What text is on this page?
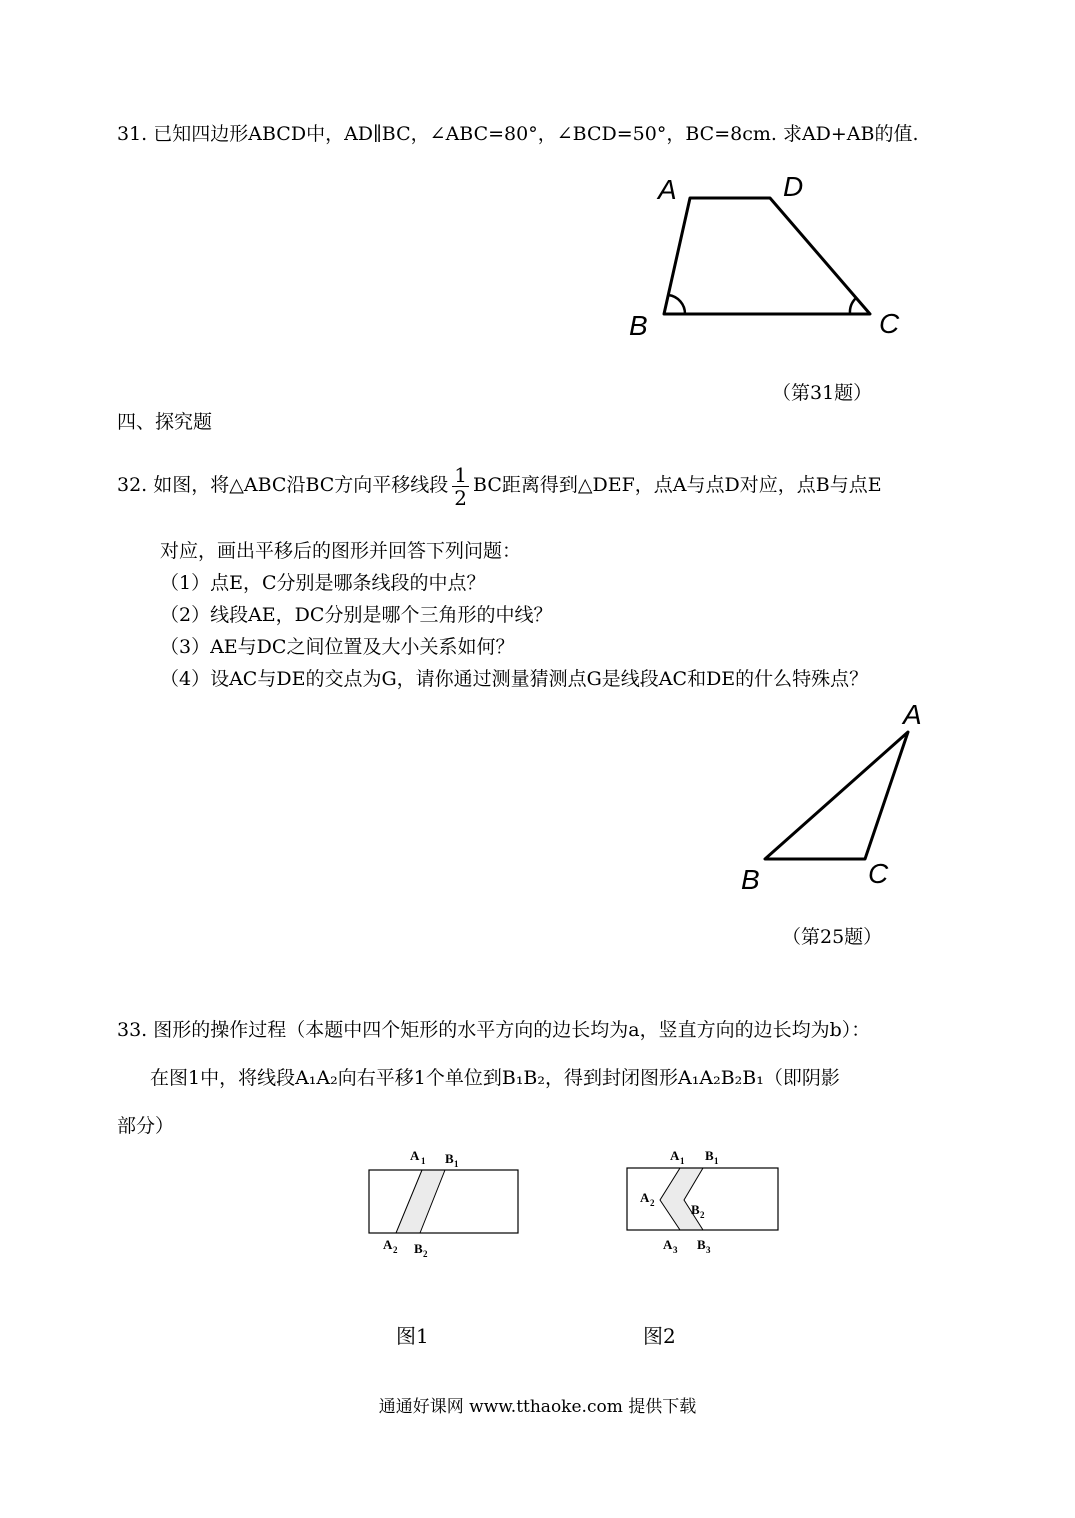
31. 已知四边形ABCD中，AD∥BC，∠ABC=80°，∠BCD=50°，BC=8cm. 求AD+AB的值.
A	D
B	C
（第31题）
四、探究题
32. 如图，将△ABC沿BC方向平移线段 $\frac{1}{2}$ BC距离得到△DEF，点A与点D对应，点B与点E
对应，画出平移后的图形并回答下列问题：
（1）点E，C分别是哪条线段的中点？
（2）线段AE，DC分别是哪个三角形的中线？
（3）AE与DC之间位置及大小关系如何？
（4）设AC与DE的交点为G，请你通过测量猜测点G是线段AC和DE的什么特殊点？
A
B	C
（第25题）
33. 图形的操作过程（本题中四个矩形的水平方向的边长均为a，竖直方向的边长均为b）：
在图1中，将线段A₁A₂向右平移1个单位到B₁B₂，得到封闭图形A₁A₂B₂B₁（即阴影
部分）
A 1 B 1
A 2 B 2
A 1 B 1
A 2	B 2
A 3 B 3
图1	图2
通通好课网 www.tthaoke.com 提供下载
